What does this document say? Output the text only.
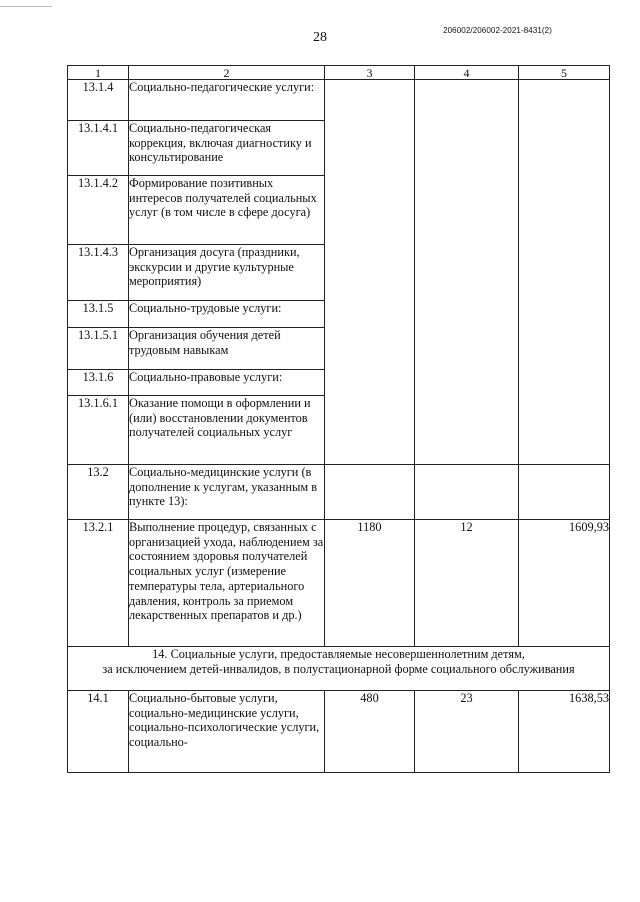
28	206002/206002-2021-8431(2)
1	2	3	4	5
13.1.4	Социально-педагогические услуги:			
13.1.4.1	Социально-педагогическая коррекция, включая диагностику и консультирование			
13.1.4.2	Формирование позитивных интересов получателей социальных услуг (в том числе в сфере досуга)			
13.1.4.3	Организация досуга (праздники, экскурсии и другие культурные мероприятия)			
13.1.5	Социально-трудовые услуги:			
13.1.5.1	Организация обучения детей трудовым навыкам			
13.1.6	Социально-правовые услуги:			
13.1.6.1	Оказание помощи в оформлении и (или) восстановлении документов получателей социальных услуг			
13.2	Социально-медицинские услуги (в дополнение к услугам, указанным в пункте 13):			
13.2.1	Выполнение процедур, связанных с организацией ухода, наблюдением за состоянием здоровья получателей социальных услуг (измерение температуры тела, артериального давления, контроль за приемом лекарственных препаратов и др.)	1180	12	1609,93

14. Социальные услуги, предоставляемые несовершеннолетним детям,
за исключением детей-инвалидов, в полустационарной форме социального обслуживания				

14.1	Социально-бытовые услуги, социально-медицинские услуги, социально-психологические услуги, социально-	480	23	1638,53
